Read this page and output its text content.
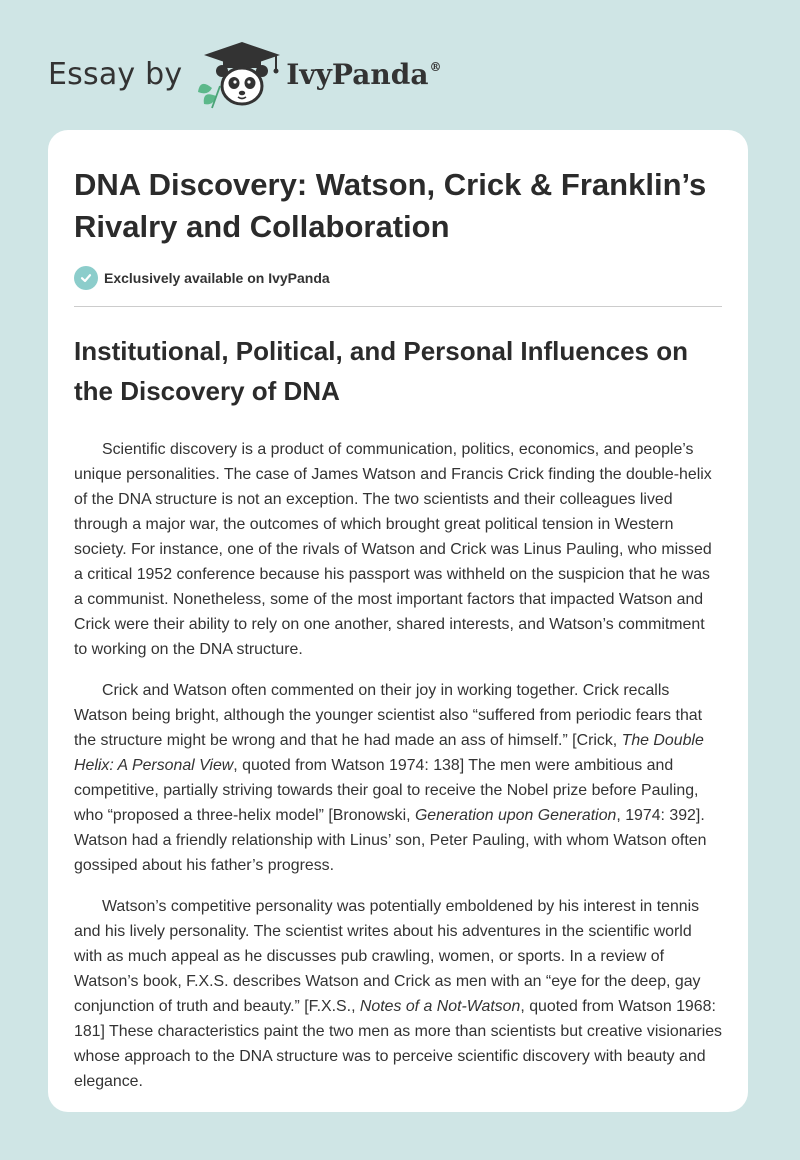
Essay by	IvyPanda®
DNA Discovery: Watson, Crick & Franklin’s Rivalry and Collaboration
Exclusively available on IvyPanda
Institutional, Political, and Personal Influences on the Discovery of DNA

Scientific discovery is a product of communication, politics, economics, and people’s unique personalities. The case of James Watson and Francis Crick finding the double-helix of the DNA structure is not an exception. The two scientists and their colleagues lived through a major war, the outcomes of which brought great political tension in Western society. For instance, one of the rivals of Watson and Crick was Linus Pauling, who missed a critical 1952 conference because his passport was withheld on the suspicion that he was a communist. Nonetheless, some of the most important factors that impacted Watson and Crick were their ability to rely on one another, shared interests, and Watson’s commitment to working on the DNA structure.

Crick and Watson often commented on their joy in working together. Crick recalls Watson being bright, although the younger scientist also “suffered from periodic fears that the structure might be wrong and that he had made an ass of himself.” [Crick, The Double Helix: A Personal View, quoted from Watson 1974: 138] The men were ambitious and competitive, partially striving towards their goal to receive the Nobel prize before Pauling, who “proposed a three-helix model” [Bronowski, Generation upon Generation, 1974: 392]. Watson had a friendly relationship with Linus’ son, Peter Pauling, with whom Watson often gossiped about his father’s progress.

Watson’s competitive personality was potentially emboldened by his interest in tennis and his lively personality. The scientist writes about his adventures in the scientific world with as much appeal as he discusses pub crawling, women, or sports. In a review of Watson’s book, F.X.S. describes Watson and Crick as men with an “eye for the deep, gay conjunction of truth and beauty.” [F.X.S., Notes of a Not-Watson, quoted from Watson 1968: 181] These characteristics paint the two men as more than scientists but creative visionaries whose approach to the DNA structure was to perceive scientific discovery with beauty and elegance.
